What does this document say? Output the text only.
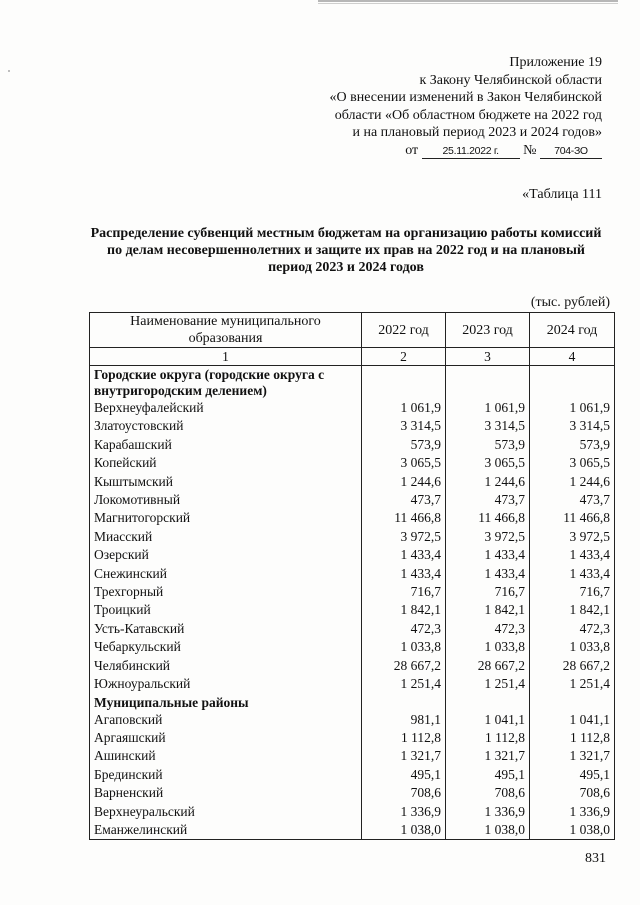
Приложение 19
к Закону Челябинской области
«О внесении изменений в Закон Челябинской
области «Об областном бюджете на 2022 год
и на плановый период 2023 и 2024 годов»
от 25.11.2022 г. № 704-ЗО
«Таблица 111
Распределение субвенций местным бюджетам на организацию работы комиссий по делам несовершеннолетних и защите их прав на 2022 год и на плановый период 2023 и 2024 годов
(тыс. рублей)
Наименование муниципального образования	2022 год	2023 год	2024 год
1	2	3	4
Городские округа (городские округа с внутригородским делением)			
Верхнеуфалейский	1 061,9	1 061,9	1 061,9
Златоустовский	3 314,5	3 314,5	3 314,5
Карабашский	573,9	573,9	573,9
Копейский	3 065,5	3 065,5	3 065,5
Кыштымский	1 244,6	1 244,6	1 244,6
Локомотивный	473,7	473,7	473,7
Магнитогорский	11 466,8	11 466,8	11 466,8
Миасский	3 972,5	3 972,5	3 972,5
Озерский	1 433,4	1 433,4	1 433,4
Снежинский	1 433,4	1 433,4	1 433,4
Трехгорный	716,7	716,7	716,7
Троицкий	1 842,1	1 842,1	1 842,1
Усть-Катавский	472,3	472,3	472,3
Чебаркульский	1 033,8	1 033,8	1 033,8
Челябинский	28 667,2	28 667,2	28 667,2
Южноуральский	1 251,4	1 251,4	1 251,4
Муниципальные районы			
Агаповский	981,1	1 041,1	1 041,1
Аргаяшский	1 112,8	1 112,8	1 112,8
Ашинский	1 321,7	1 321,7	1 321,7
Брединский	495,1	495,1	495,1
Варненский	708,6	708,6	708,6
Верхнеуральский	1 336,9	1 336,9	1 336,9
Еманжелинский	1 038,0	1 038,0	1 038,0
831
